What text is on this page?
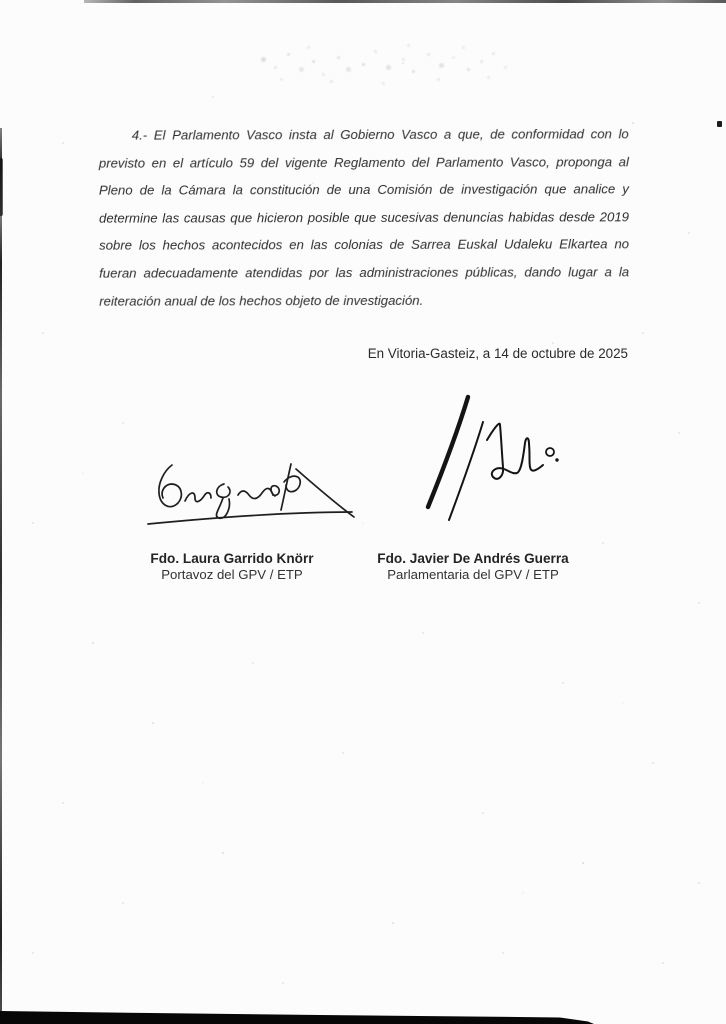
4.- El Parlamento Vasco insta al Gobierno Vasco a que, de conformidad con lo
previsto en el artículo 59 del vigente Reglamento del Parlamento Vasco, proponga al
Pleno de la Cámara la constitución de una Comisión de investigación que analice y
determine las causas que hicieron posible que sucesivas denuncias habidas desde 2019
sobre los hechos acontecidos en las colonias de Sarrea Euskal Udaleku Elkartea no
fueran adecuadamente atendidas por las administraciones públicas, dando lugar a la
reiteración anual de los hechos objeto de investigación.
En Vitoria-Gasteiz, a 14 de octubre de 2025
Fdo. Laura Garrido Knörr
Portavoz del GPV / ETP
Fdo. Javier De Andrés Guerra
Parlamentaria del GPV / ETP
